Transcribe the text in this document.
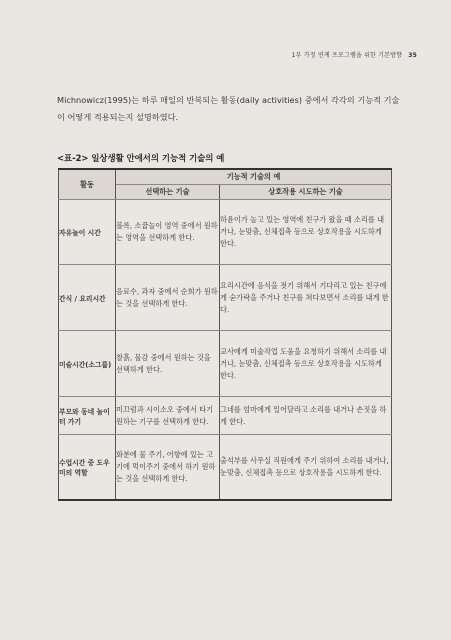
1부 가정 연계 프로그램을 위한 기본방향 35
Michnowicz(1995)는 하루 매일의 반복되는 활동(daily activities) 중에서 각각의 기능적 기술이 어떻게 적용되는지 설명하였다.
<표-2> 일상생활 안에서의 기능적 기술의 예
활동	기능적 기술의 예	
	선택하는 기술	상호작용 시도하는 기술
자유놀이 시간	블록, 소꿉놀이 영역 중에서 원하는 영역을 선택하게 한다.	하윤이가 놀고 있는 영역에 친구가 왔을 때 소리를 내거나, 눈맞춤, 신체접촉 등으로 상호작용을 시도하게 한다.
간식 / 요리시간	음료수, 과자 중에서 순희가 원하는 것을 선택하게 한다.	요리시간에 음식을 젓기 위해서 기다리고 있는 친구에게 숟가락을 주거나 친구를 쳐다보면서 소리를 내게 한다.
미술시간(소그룹)	찰흙, 물감 중에서 원하는 것을 선택하게 한다.	교사에게 미술작업 도움을 요청하기 위해서 소리를 내거나, 눈맞춤, 신체접촉 등으로 상호작용을 시도하게 한다.
부모와 동네 놀이터 가기	미끄럼과 시이소오 중에서 타기 원하는 기구를 선택하게 한다.	그네를 엄마에게 밀어달라고 소리를 내거나 손짓을 하게 한다.
수업시간 중 도우미의 역할	화분에 물 주기, 어항에 있는 고기에 먹이주기 중에서 하기 원하는 것을 선택하게 한다.	출석부를 사무실 직원에게 주기 위하여 소리를 내거나, 눈맞춤, 신체접촉 등으로 상호작용을 시도하게 한다.
